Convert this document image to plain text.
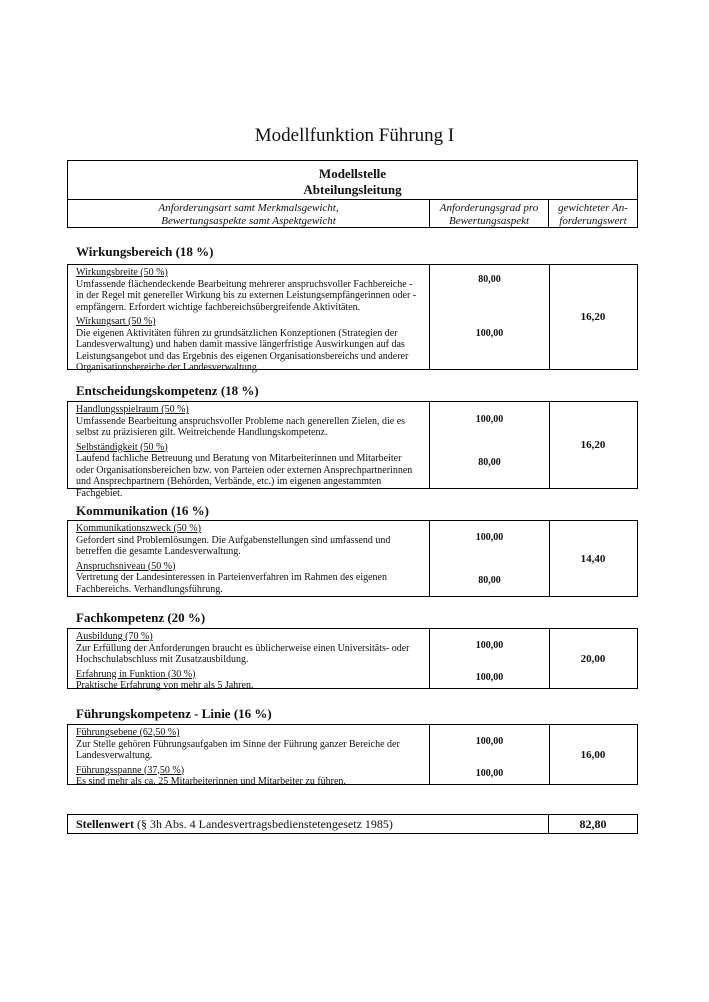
Modellfunktion Führung I
Modellstelle
Abteilungsleitung
Anforderungsart samt Merkmalsgewicht,
Bewertungsaspekte samt Aspektgewicht
Anforderungsgrad pro
Bewertungsaspekt
gewichteter An-
forderungswert
Wirkungsbereich (18 %)
Wirkungsbreite (50 %)
Umfassende flächendeckende Bearbeitung mehrerer anspruchsvoller Fachbereiche - in der Regel mit genereller Wirkung bis zu externen Leistungsempfängerinnen oder -empfängern. Erfordert wichtige fachbereichsübergreifende Aktivitäten.
Wirkungsart (50 %)
Die eigenen Aktivitäten führen zu grundsätzlichen Konzeptionen (Strategien der Landesverwaltung) und haben damit massive längerfristige Auswirkungen auf das Leistungsangebot und das Ergebnis des eigenen Organisationsbereichs und anderer Organisationsbereiche der Landesverwaltung.
80,00
100,00
16,20
Entscheidungskompetenz (18 %)
Handlungsspielraum (50 %)
Umfassende Bearbeitung anspruchsvoller Probleme nach generellen Zielen, die es selbst zu präzisieren gilt. Weitreichende Handlungskompetenz.
Selbständigkeit (50 %)
Laufend fachliche Betreuung und Beratung von Mitarbeiterinnen und Mitarbeiter oder Organisationsbereichen bzw. von Parteien oder externen Ansprechpartnerinnen und Ansprechpartnern (Behörden, Verbände, etc.) im eigenen angestammten Fachgebiet.
100,00
80,00
16,20
Kommunikation (16 %)
Kommunikationszweck (50 %)
Gefordert sind Problemlösungen. Die Aufgabenstellungen sind umfassend und betreffen die gesamte Landesverwaltung.
Anspruchsniveau (50 %)
Vertretung der Landesinteressen in Parteienverfahren im Rahmen des eigenen Fachbereichs. Verhandlungsführung.
100,00
80,00
14,40
Fachkompetenz (20 %)
Ausbildung (70 %)
Zur Erfüllung der Anforderungen braucht es üblicherweise einen Universitäts- oder Hochschulabschluss mit Zusatzausbildung.
Erfahrung in Funktion (30 %)
Praktische Erfahrung von mehr als 5 Jahren.
100,00
100,00
20,00
Führungskompetenz - Linie (16 %)
Führungsebene (62,50 %)
Zur Stelle gehören Führungsaufgaben im Sinne der Führung ganzer Bereiche der Landesverwaltung.
Führungsspanne (37,50 %)
Es sind mehr als ca. 25 Mitarbeiterinnen und Mitarbeiter zu führen.
100,00
100,00
16,00
Stellenwert (§ 3h Abs. 4 Landesvertragsbedienstetengesetz 1985)	82,80
